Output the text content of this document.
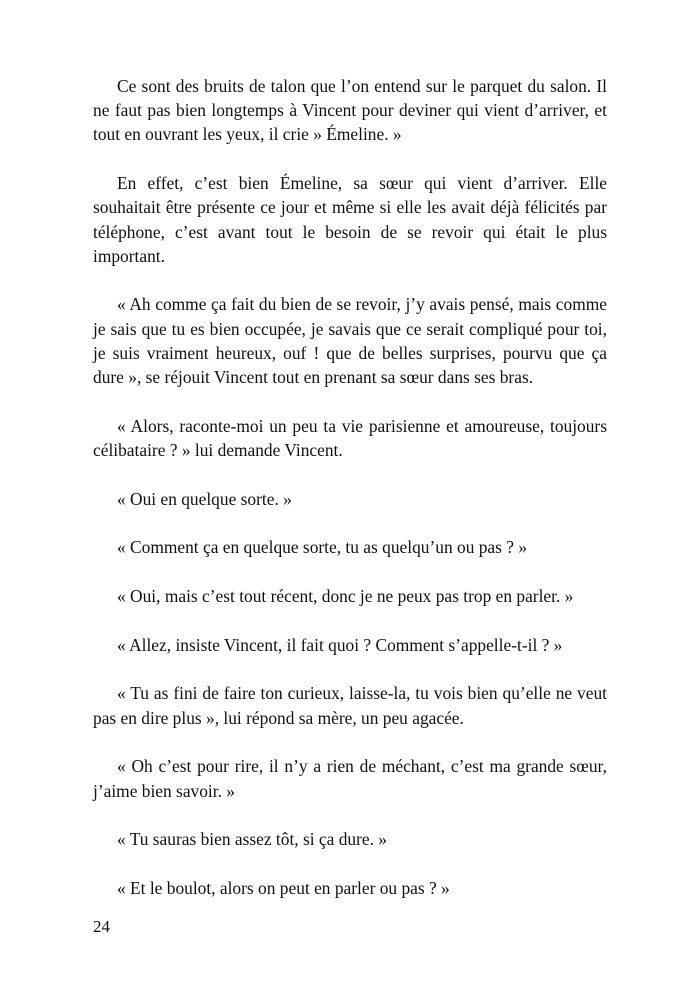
Ce sont des bruits de talon que l’on entend sur le parquet du salon. Il ne faut pas bien longtemps à Vincent pour deviner qui vient d’arriver, et tout en ouvrant les yeux, il crie » Émeline. »

En effet, c’est bien Émeline, sa sœur qui vient d’arriver. Elle souhaitait être présente ce jour et même si elle les avait déjà félicités par téléphone, c’est avant tout le besoin de se revoir qui était le plus important.

« Ah comme ça fait du bien de se revoir, j’y avais pensé, mais comme je sais que tu es bien occupée, je savais que ce serait compliqué pour toi, je suis vraiment heureux, ouf ! que de belles surprises, pourvu que ça dure », se réjouit Vincent tout en prenant sa sœur dans ses bras.

« Alors, raconte-moi un peu ta vie parisienne et amoureuse, toujours célibataire ? » lui demande Vincent.

« Oui en quelque sorte. »

« Comment ça en quelque sorte, tu as quelqu’un ou pas ? »

« Oui, mais c’est tout récent, donc je ne peux pas trop en parler. »

« Allez, insiste Vincent, il fait quoi ? Comment s’appelle-t-il ? »

« Tu as fini de faire ton curieux, laisse-la, tu vois bien qu’elle ne veut pas en dire plus », lui répond sa mère, un peu agacée.

« Oh c’est pour rire, il n’y a rien de méchant, c’est ma grande sœur, j’aime bien savoir. »

« Tu sauras bien assez tôt, si ça dure. »

« Et le boulot, alors on peut en parler ou pas ? »

24
